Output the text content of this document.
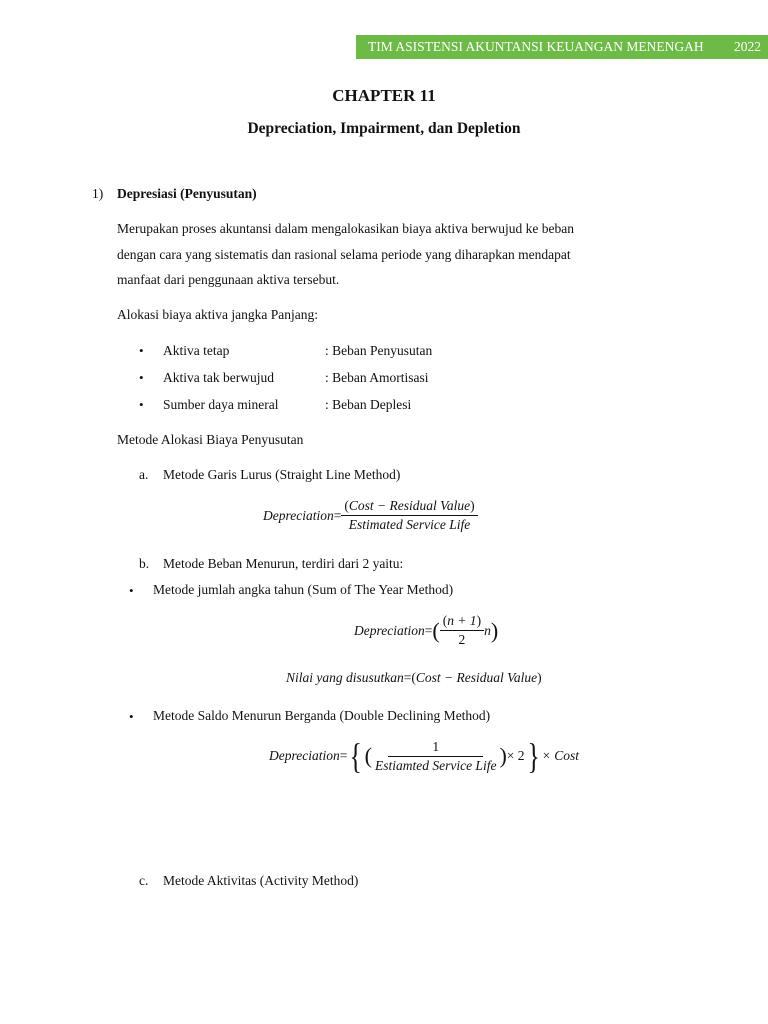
TIM ASISTENSI AKUNTANSI KEUANGAN MENENGAH 2022
CHAPTER 11
Depreciation, Impairment, dan Depletion
1) Depresiasi (Penyusutan)
Merupakan proses akuntansi dalam mengalokasikan biaya aktiva berwujud ke beban
dengan cara yang sistematis dan rasional selama periode yang diharapkan mendapat
manfaat dari penggunaan aktiva tersebut.
Alokasi biaya aktiva jangka Panjang:
• Aktiva tetap	: Beban Penyusutan
• Aktiva tak berwujud	: Beban Amortisasi
• Sumber daya mineral	: Beban Deplesi
Metode Alokasi Biaya Penyusutan
a. Metode Garis Lurus (Straight Line Method)
Depreciation = $\frac{\text{(Cost − Residual Value)}}{\text{Estimated Service Life}}$
b. Metode Beban Menurun, terdiri dari 2 yaitu:
• Metode jumlah angka tahun (Sum of The Year Method)
Depreciation = ( $\frac{(n + 1)}{2}$ n )
Nilai yang disusutkan =( Cost − Residual Value )
• Metode Saldo Menurun Berganda (Double Declining Method)
Depreciation = { ( $\frac{1}{\text{Estiamted Service Life}}$ ) × 2 } × Cost
c. Metode Aktivitas (Activity Method)
